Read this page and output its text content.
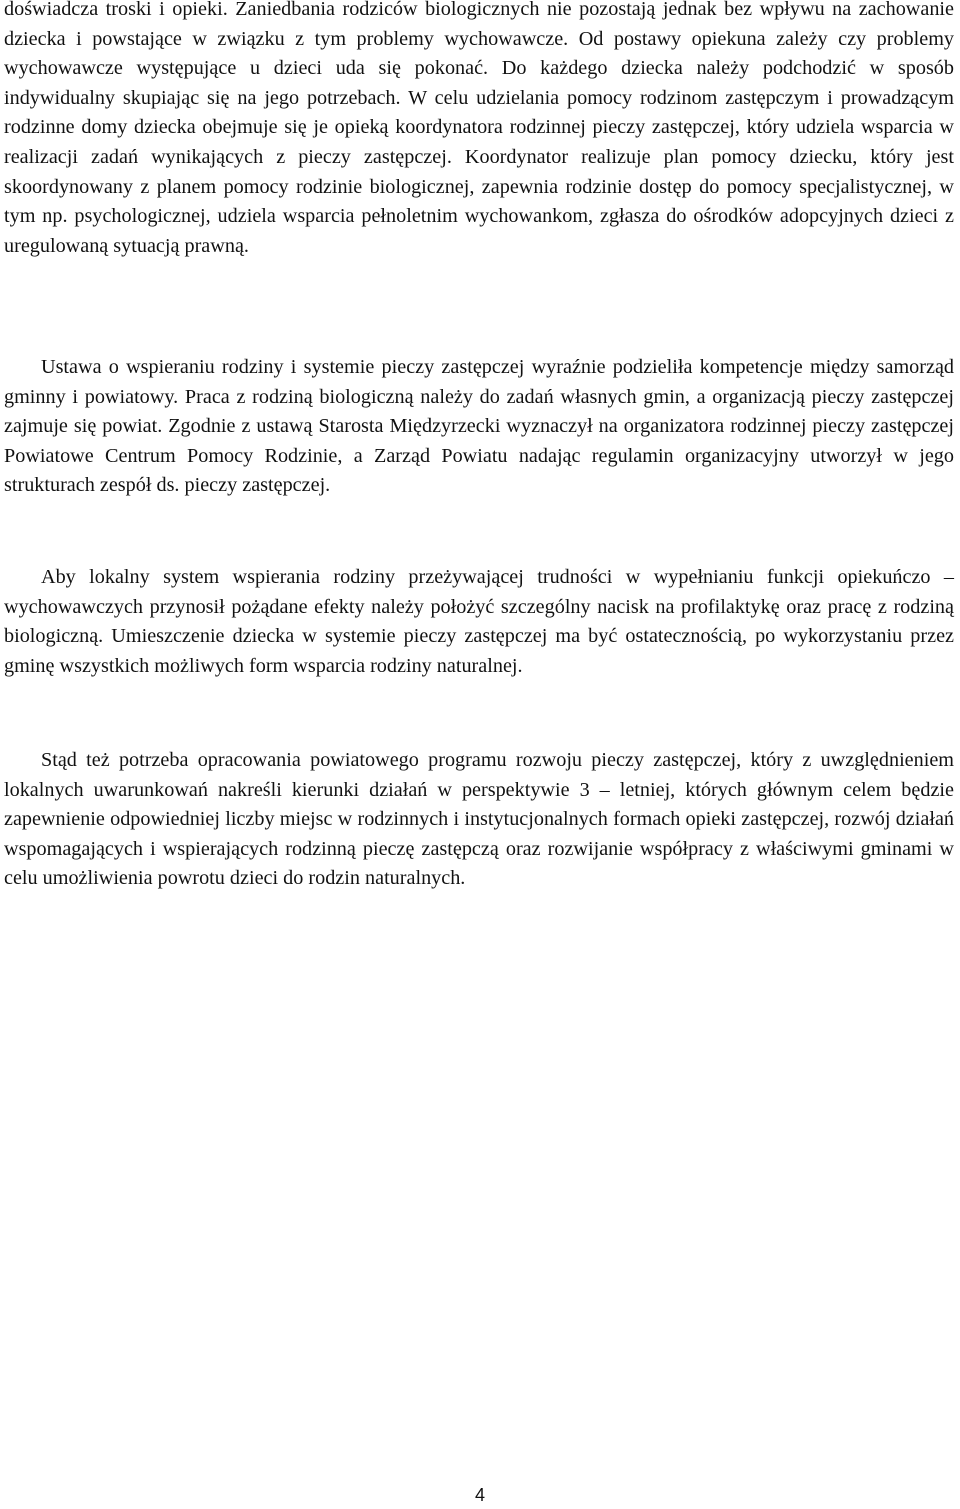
doświadcza troski i opieki. Zaniedbania rodziców biologicznych nie pozostają jednak bez wpływu na zachowanie dziecka i powstające w związku z tym problemy wychowawcze. Od postawy opiekuna zależy czy problemy wychowawcze występujące u dzieci uda się pokonać. Do każdego dziecka należy podchodzić w sposób indywidualny skupiając się na jego potrzebach. W celu udzielania pomocy rodzinom zastępczym i prowadzącym rodzinne domy dziecka obejmuje się je opieką koordynatora rodzinnej pieczy zastępczej, który udziela wsparcia w realizacji zadań wynikających z pieczy zastępczej. Koordynator realizuje plan pomocy dziecku, który jest skoordynowany z planem pomocy rodzinie biologicznej, zapewnia rodzinie dostęp do pomocy specjalistycznej, w tym np. psychologicznej, udziela wsparcia pełnoletnim wychowankom, zgłasza do ośrodków adopcyjnych dzieci z uregulowaną sytuacją prawną.

Ustawa o wspieraniu rodziny i systemie pieczy zastępczej wyraźnie podzieliła kompetencje między samorząd gminny i powiatowy. Praca z rodziną biologiczną należy do zadań własnych gmin, a organizacją pieczy zastępczej zajmuje się powiat. Zgodnie z ustawą Starosta Międzyrzecki wyznaczył na organizatora rodzinnej pieczy zastępczej Powiatowe Centrum Pomocy Rodzinie, a Zarząd Powiatu nadając regulamin organizacyjny utworzył w jego strukturach zespół ds. pieczy zastępczej.

Aby lokalny system wspierania rodziny przeżywającej trudności w wypełnianiu funkcji opiekuńczo – wychowawczych przynosił pożądane efekty należy położyć szczególny nacisk na profilaktykę oraz pracę z rodziną biologiczną. Umieszczenie dziecka w systemie pieczy zastępczej ma być ostatecznością, po wykorzystaniu przez gminę wszystkich możliwych form wsparcia rodziny naturalnej.

Stąd też potrzeba opracowania powiatowego programu rozwoju pieczy zastępczej, który z uwzględnieniem lokalnych uwarunkowań nakreśli kierunki działań w perspektywie 3 – letniej, których głównym celem będzie zapewnienie odpowiedniej liczby miejsc w rodzinnych i instytucjonalnych formach opieki zastępczej, rozwój działań wspomagających i wspierających rodzinną pieczę zastępczą oraz rozwijanie współpracy z właściwymi gminami w celu umożliwienia powrotu dzieci do rodzin naturalnych.

4
